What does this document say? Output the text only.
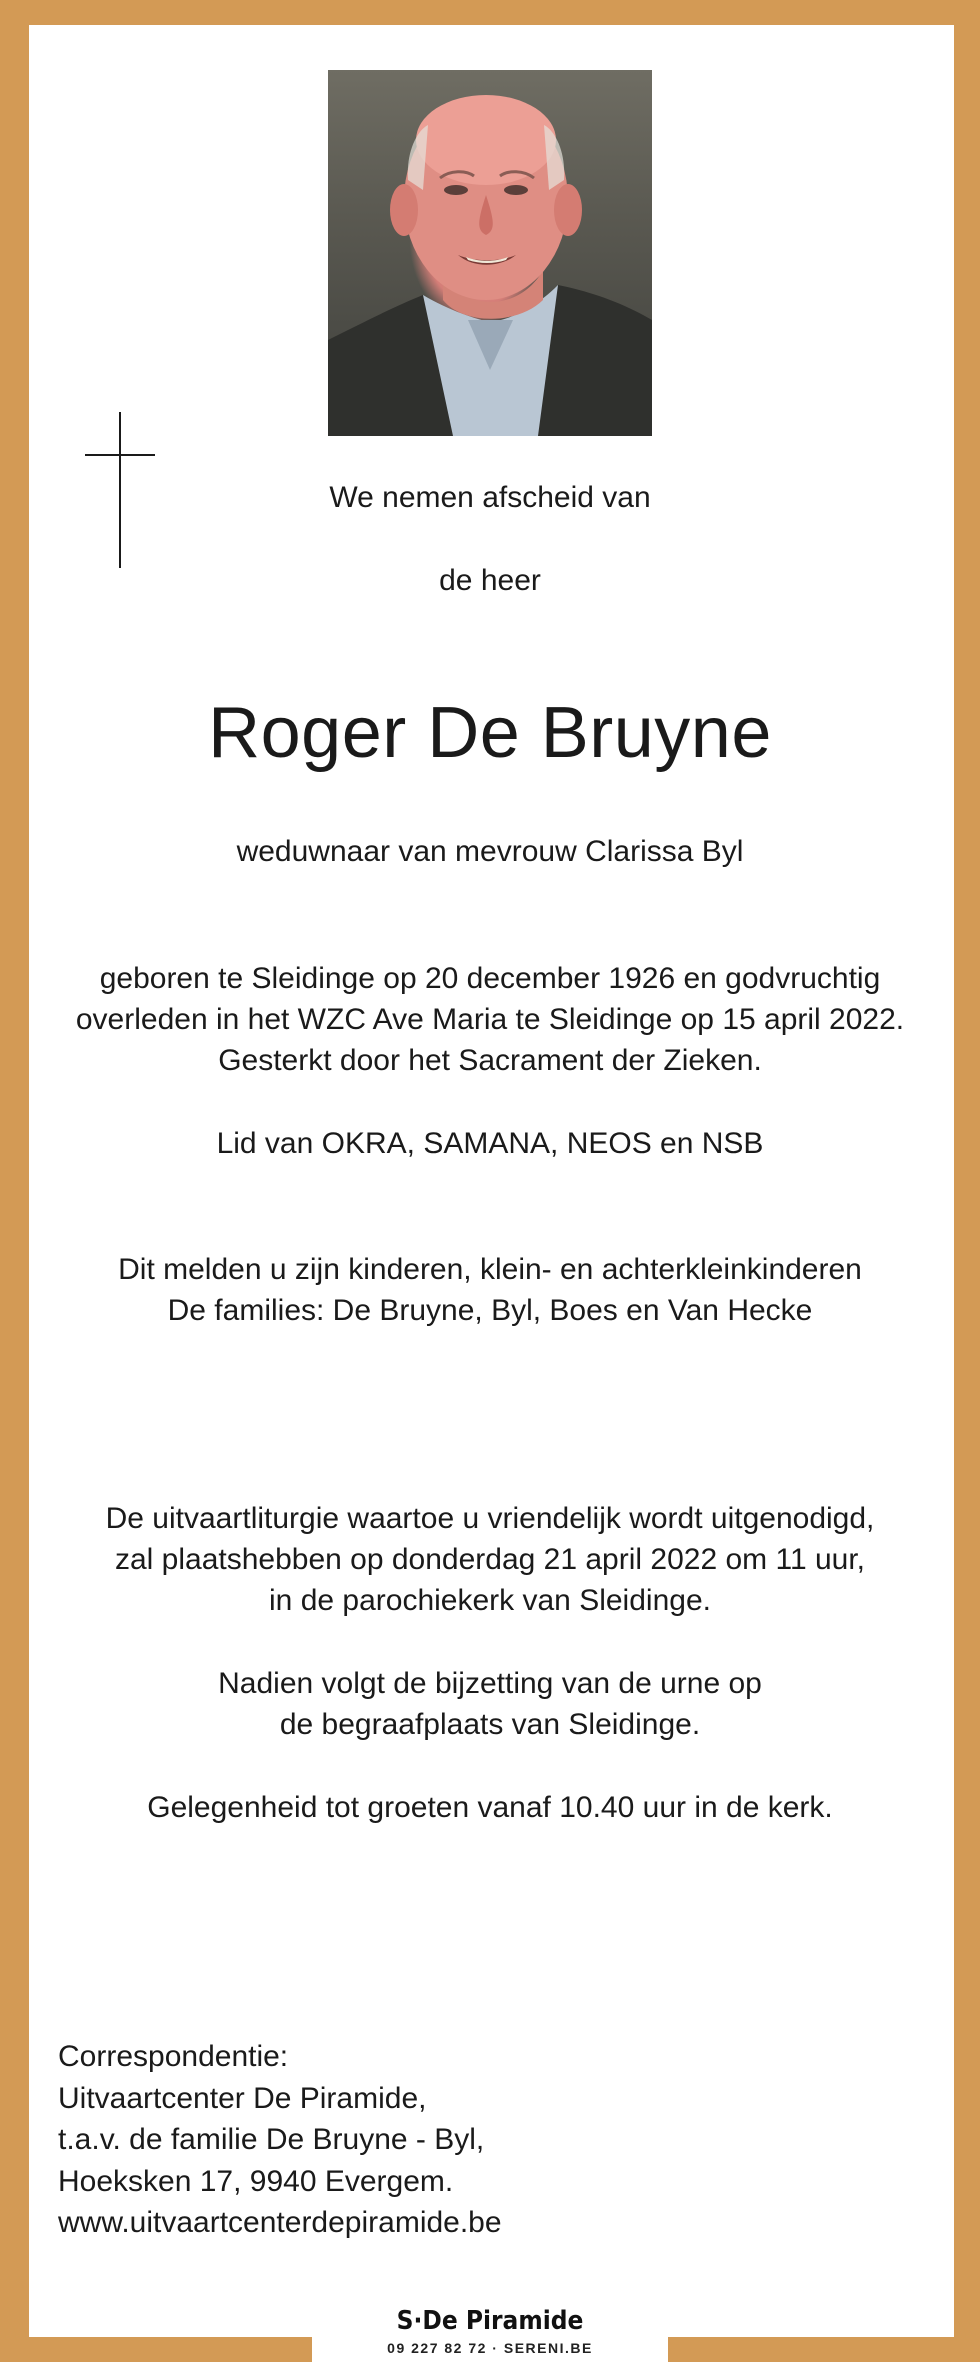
We nemen afscheid van
de heer
Roger De Bruyne
weduwnaar van mevrouw Clarissa Byl
geboren te Sleidinge op 20 december 1926 en godvruchtig
overleden in het WZC Ave Maria te Sleidinge op 15 april 2022.
Gesterkt door het Sacrament der Zieken.
Lid van OKRA, SAMANA, NEOS en NSB
Dit melden u zijn kinderen, klein- en achterkleinkinderen
De families: De Bruyne, Byl, Boes en Van Hecke
De uitvaartliturgie waartoe u vriendelijk wordt uitgenodigd,
zal plaatshebben op donderdag 21 april 2022 om 11 uur,
in de parochiekerk van Sleidinge.
Nadien volgt de bijzetting van de urne op
de begraafplaats van Sleidinge.
Gelegenheid tot groeten vanaf 10.40 uur in de kerk.
Correspondentie:
Uitvaartcenter De Piramide,
t.a.v. de familie De Bruyne - Byl,
Hoeksken 17, 9940 Evergem.
www.uitvaartcenterdepiramide.be
S·De Piramide
09 227 82 72 · SERENI.BE
